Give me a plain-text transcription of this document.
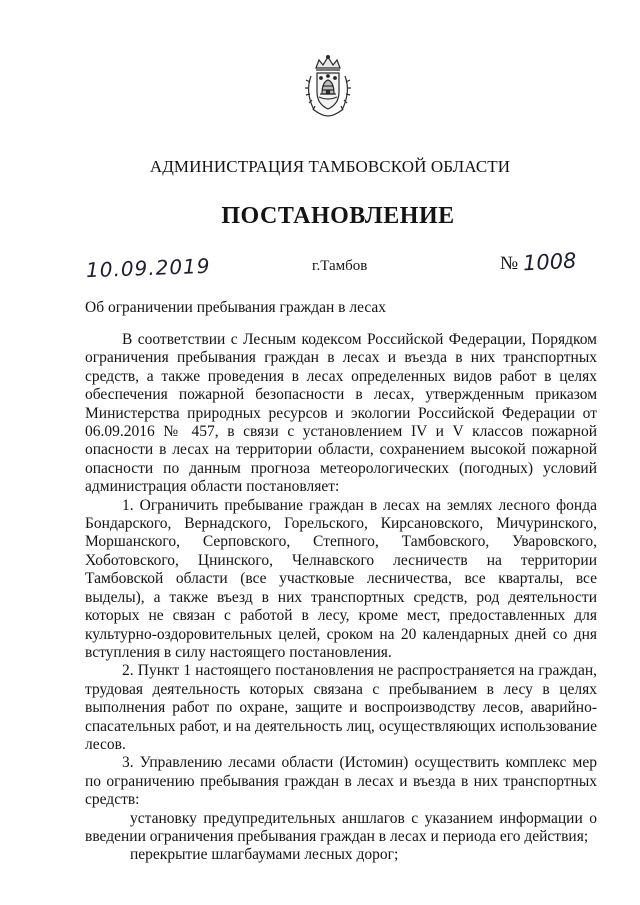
АДМИНИСТРАЦИЯ ТАМБОВСКОЙ ОБЛАСТИ
ПОСТАНОВЛЕНИЕ
10.09.2019	г.Тамбов	№ 1008
Об ограничении пребывания граждан в лесах

В соответствии с Лесным кодексом Российской Федерации, Порядком ограничения пребывания граждан в лесах и въезда в них транспортных средств, а также проведения в лесах определенных видов работ в целях обеспечения пожарной безопасности в лесах, утвержденным приказом Министерства природных ресурсов и экологии Российской Федерации от 06.09.2016 № 457, в связи с установлением IV и V классов пожарной опасности в лесах на территории области, сохранением высокой пожарной опасности по данным прогноза метеорологических (погодных) условий администрация области постановляет:

1. Ограничить пребывание граждан в лесах на землях лесного фонда Бондарского, Вернадского, Горельского, Кирсановского, Мичуринского, Моршанского, Серповского, Степного, Тамбовского, Уваровского, Хоботовского, Цнинского, Челнавского лесничеств на территории Тамбовской области (все участковые лесничества, все кварталы, все выделы), а также въезд в них транспортных средств, род деятельности которых не связан с работой в лесу, кроме мест, предоставленных для культурно-оздоровительных целей, сроком на 20 календарных дней со дня вступления в силу настоящего постановления.

2. Пункт 1 настоящего постановления не распространяется на граждан, трудовая деятельность которых связана с пребыванием в лесу в целях выполнения работ по охране, защите и воспроизводству лесов, аварийно-спасательных работ, и на деятельность лиц, осуществляющих использование лесов.

3. Управлению лесами области (Истомин) осуществить комплекс мер по ограничению пребывания граждан в лесах и въезда в них транспортных средств:

установку предупредительных аншлагов с указанием информации о введении ограничения пребывания граждан в лесах и периода его действия;

перекрытие шлагбаумами лесных дорог;
